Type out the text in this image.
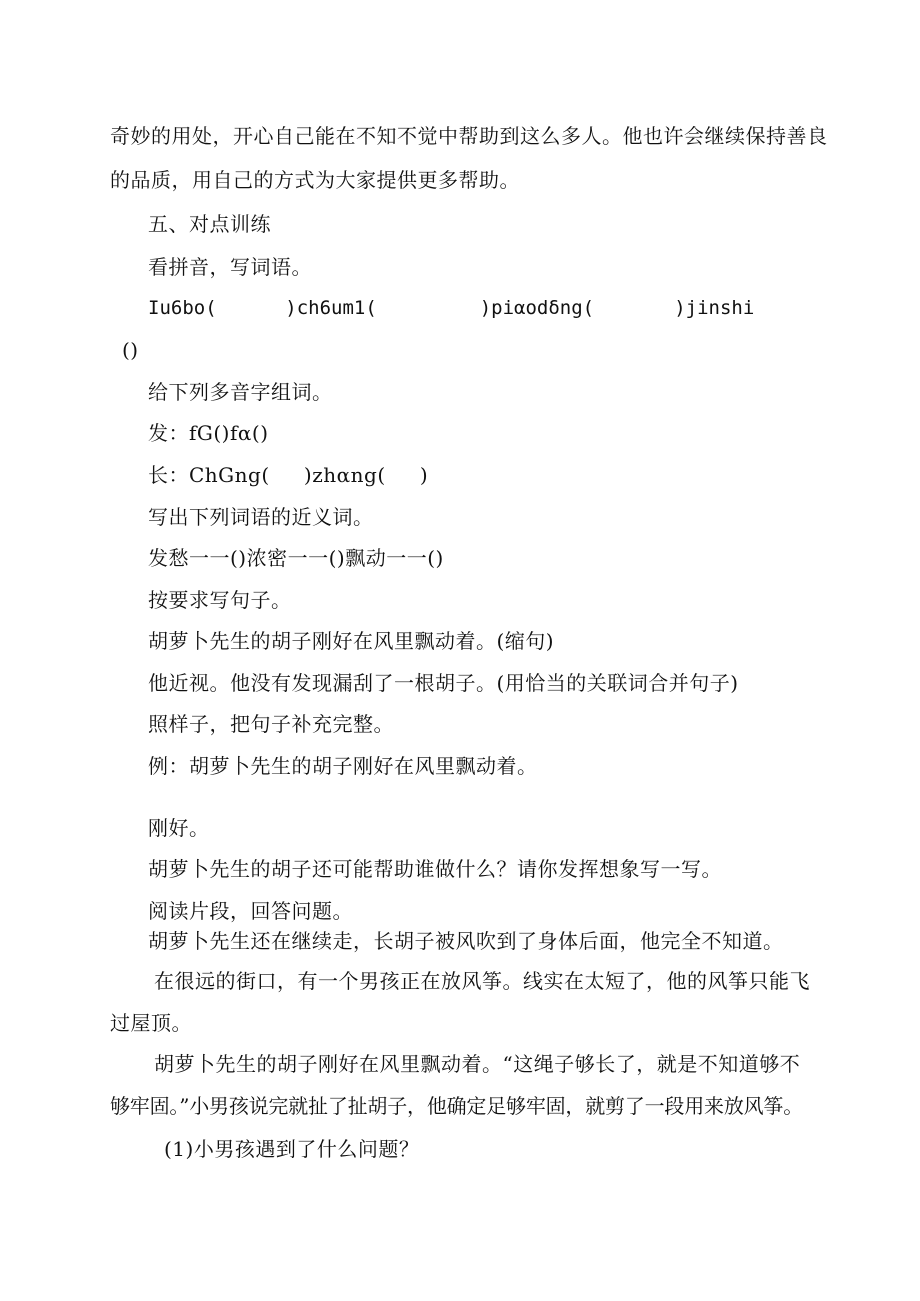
奇妙的用处，开心自己能在不知不觉中帮助到这么多人。他也许会继续保持善良
的品质，用自己的方式为大家提供更多帮助。
五、对点训练
看拼音，写词语。
Iu6bo(      )ch6um1(         )piαodδng(       )jinshi
()
给下列多音字组词。
发：fG()fα()
长：ChGng(     )zhαng(     )
写出下列词语的近义词。
发愁一一()浓密一一()飘动一一()
按要求写句子。
胡萝卜先生的胡子刚好在风里飘动着。(缩句)
他近视。他没有发现漏刮了一根胡子。(用恰当的关联词合并句子)
照样子，把句子补充完整。
例：胡萝卜先生的胡子刚好在风里飘动着。
刚好。
胡萝卜先生的胡子还可能帮助谁做什么？请你发挥想象写一写。
阅读片段，回答问题。
胡萝卜先生还在继续走，长胡子被风吹到了身体后面，他完全不知道。
在很远的街口，有一个男孩正在放风筝。线实在太短了，他的风筝只能飞
过屋顶。
胡萝卜先生的胡子刚好在风里飘动着。“这绳子够长了，就是不知道够不
够牢固。”小男孩说完就扯了扯胡子，他确定足够牢固，就剪了一段用来放风筝。
(1)小男孩遇到了什么问题？
